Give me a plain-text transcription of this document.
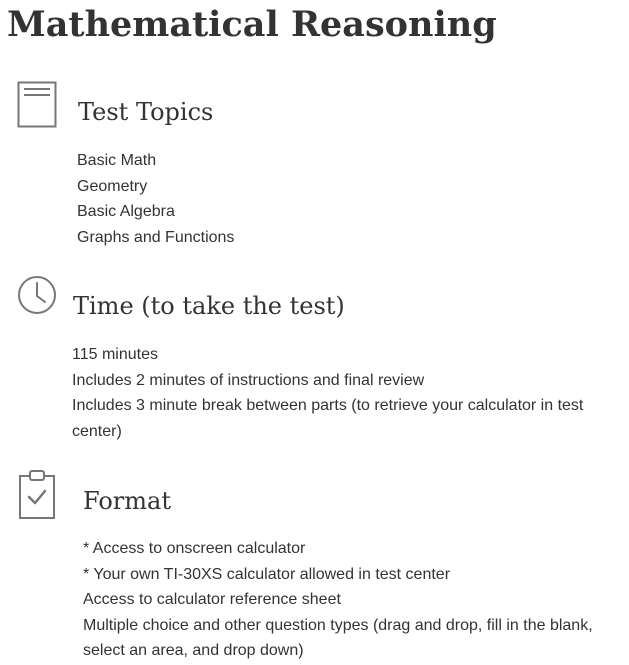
Mathematical Reasoning
Test Topics
Basic Math
Geometry
Basic Algebra
Graphs and Functions
Time (to take the test)
115 minutes
Includes 2 minutes of instructions and final review
Includes 3 minute break between parts (to retrieve your calculator in test center)
Format
* Access to onscreen calculator
* Your own TI-30XS calculator allowed in test center
Access to calculator reference sheet
Multiple choice and other question types (drag and drop, fill in the blank, select an area, and drop down)
